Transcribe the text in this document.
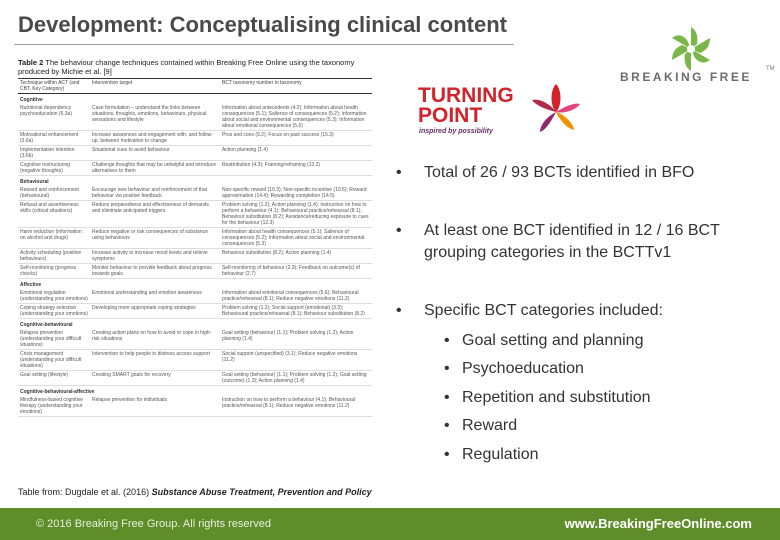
Development: Conceptualising clinical content
BREAKING FREE
TM
TURNING
POINT
inspired by possibility
Table 2 The behaviour change techniques contained within Breaking Free Online using the taxonomy produced by Michie et al. [9]
Technique within ACT (and CBT, Key Category)	Intervention target	BCT taxonomy number in taxonomy
Cognitive		
Nutritional dependency psychoeducation (6.3a)	Case formulation – understand the links between situations, thoughts, emotions, behaviours, physical sensations and lifestyle	Information about antecedents (4.2); Information about health consequences (5.1); Salience of consequences (5.2); Information about social and environmental consequences (5.3); Information about emotional consequences (5.6)
Motivational enhancement (3.6a)	Increase awareness and engagement with, and follow-up, between motivation to change	Pros and cons (9.2); Focus on past success (15.3)
Implementation intention (3.6b)	Situational cues to avoid behaviour	Action planning (1.4)
Cognitive restructuring (negative thoughts)	Challenge thoughts that may be unhelpful and introduce alternatives to them	Reattribution (4.3); Framing/reframing (13.2)
Behavioural		
Reward and reinforcement (behavioural)	Encourage new behaviour and reinforcement of that behaviour via positive feedback	Non-specific reward (10.3); Non-specific incentive (10.6); Reward approximation (14.4); Rewarding completion (14.5)
Refusal and assertiveness skills (critical situations)	Reduce preparedness and effectiveness of demands and eliminate anticipated triggers	Problem solving (1.2); Action planning (1.4); Instruction on how to perform a behaviour (4.1); Behavioural practice/rehearsal (8.1); Behaviour substitution (8.2); Avoidance/reducing exposure to cues for the behaviour (12.3)
Harm reduction (information on alcohol and drugs)	Reduce negative or risk consequences of substance using behaviours	Information about health consequences (5.1); Salience of consequences (5.2); Information about social and environmental consequences (5.3)
Activity scheduling (positive behaviours)	Increase activity to increase mood levels and relieve symptoms	Behaviour substitution (8.2); Action planning (1.4)
Self-monitoring (progress checks)	Monitor behaviour to provide feedback about progress towards goals	Self-monitoring of behaviour (2.3); Feedback on outcome(s) of behaviour (2.7)
Affective		
Emotional regulation (understanding your emotions)	Emotional understanding and emotion awareness	Information about emotional consequences (5.6); Behavioural practice/rehearsal (8.1); Reduce negative emotions (11.2)
Coping strategy selection (understanding your emotions)	Developing more appropriate coping strategies	Problem solving (1.2); Social support (emotional) (3.3); Behavioural practice/rehearsal (8.1); Behaviour substitution (8.2)
Cognitive-behavioural		
Relapse prevention (understanding your difficult situations)	Creating action plans on how to avoid or cope in high-risk situations	Goal setting (behaviour) (1.1); Problem solving (1.2); Action planning (1.4)
Crisis management (understanding your difficult situations)	Intervention to help people in distress access support	Social support (unspecified) (3.1); Reduce negative emotions (11.2)
Goal setting (lifestyle)	Creating SMART goals for recovery	Goal setting (behaviour) (1.1); Problem solving (1.2); Goal setting (outcome) (1.3); Action planning (1.4)
Cognitive-behavioural-affective		
Mindfulness-based cognitive therapy (understanding your emotions)	Relapse prevention for individuals	Instruction on how to perform a behaviour (4.1); Behavioural practice/rehearsal (8.1); Reduce negative emotions (11.2)
Table from: Dugdale et al. (2016) Substance Abuse Treatment, Prevention and Policy
• Total of 26 / 93 BCTs identified in BFO
• At least one BCT identified in 12 / 16 BCT grouping categories in the BCTTv1
• Specific BCT categories included:
• Goal setting and planning
• Psychoeducation
• Repetition and substitution
• Reward
• Regulation
© 2016 Breaking Free Group. All rights reserved	www.BreakingFreeOnline.com
